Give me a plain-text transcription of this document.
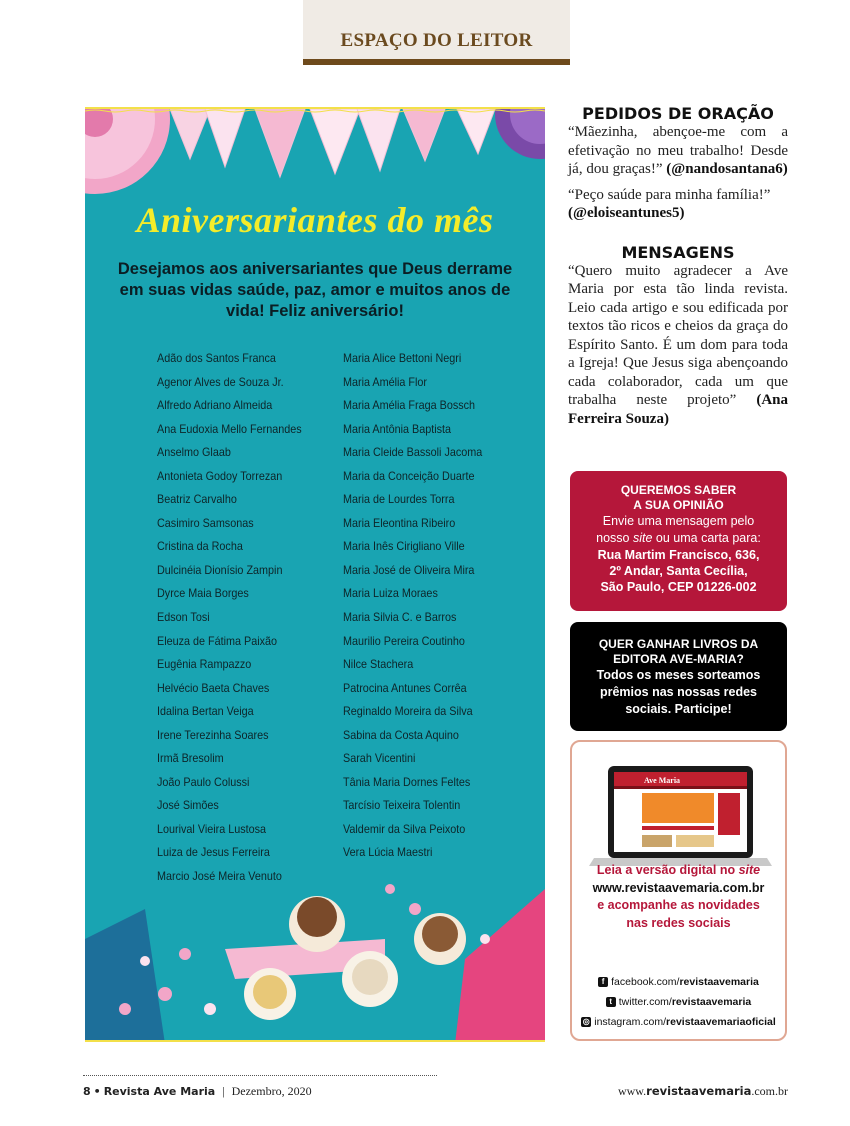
ESPAÇO DO LEITOR
Aniversariantes do mês
Desejamos aos aniversariantes que Deus derrame em suas vidas saúde, paz, amor e muitos anos de vida! Feliz aniversário!
Adão dos Santos Franca
Agenor Alves de Souza Jr.
Alfredo Adriano Almeida
Ana Eudoxia Mello Fernandes
Anselmo Glaab
Antonieta Godoy Torrezan
Beatriz Carvalho
Casimiro Samsonas
Cristina da Rocha
Dulcinéia Dionísio Zampin
Dyrce Maia Borges
Edson Tosi
Eleuza de Fátima Paixão
Eugênia Rampazzo
Helvécio Baeta Chaves
Idalina Bertan Veiga
Irene Terezinha Soares
Irmã Bresolim
João Paulo Colussi
José Simões
Lourival Vieira Lustosa
Luiza de Jesus Ferreira
Marcio José Meira Venuto
Maria Alice Bettoni Negri
Maria Amélia Flor
Maria Amélia Fraga Bossch
Maria Antônia Baptista
Maria Cleide Bassoli Jacoma
Maria da Conceição Duarte
Maria de Lourdes Torra
Maria Eleontina Ribeiro
Maria Inês Cirigliano Ville
Maria José de Oliveira Mira
Maria Luiza Moraes
Maria Silvia C. e Barros
Maurilio Pereira Coutinho
Nilce Stachera
Patrocina Antunes Corrêa
Reginaldo Moreira da Silva
Sabina da Costa Aquino
Sarah Vicentini
Tânia Maria Dornes Feltes
Tarcísio Teixeira Tolentin
Valdemir da Silva Peixoto
Vera Lúcia Maestri
PEDIDOS DE ORAÇÃO

“Mãezinha, abençoe-me com a efetivação no meu trabalho! Desde já, dou graças!” (@nandosantana6)

“Peço saúde para minha família!” (@eloiseantunes5)

MENSAGENS

“Quero muito agradecer a Ave Maria por esta tão linda revista. Leio cada artigo e sou edificada por textos tão ricos e cheios da graça do Espírito Santo. É um dom para toda a Igreja! Que Jesus siga abençoando cada colaborador, cada um que trabalha neste projeto” (Ana Ferreira Souza)

QUEREMOS SABER
A SUA OPINIÃO
Envie uma mensagem pelo
nosso site ou uma carta para:
Rua Martim Francisco, 636,
2º Andar, Santa Cecília,
São Paulo, CEP 01226-002
QUER GANHAR LIVROS DA
EDITORA AVE-MARIA?
Todos os meses sorteamos prêmios nas nossas redes sociais. Participe!
Ave Maria
Leia a versão digital no site
www.revistaavemaria.com.br
e acompanhe as novidades nas redes sociais
f facebook.com/revistaavemaria
t twitter.com/revistaavemaria
◎ instagram.com/revistaavemariaoficial
8 • Revista Ave Maria | Dezembro, 2020	www.revistaavemaria.com.br
